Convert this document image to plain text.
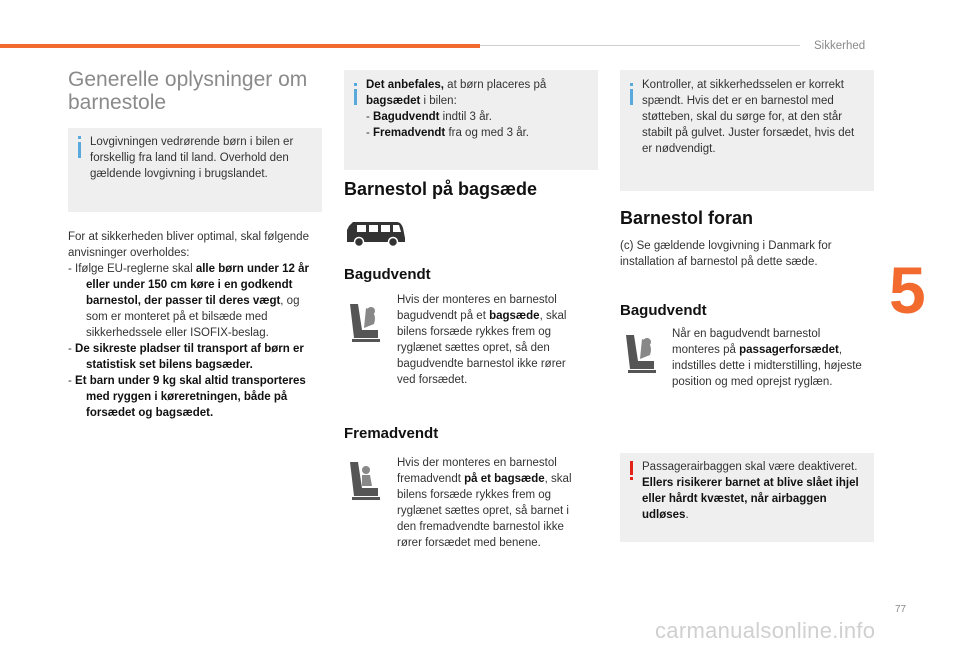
Sikkerhed
5
77
carmanualsonline.info
Generelle oplysninger om barnestole
Lovgivningen vedrørende børn i bilen er forskellig fra land til land. Overhold den gældende lovgivning i brugslandet.
For at sikkerheden bliver optimal, skal følgende anvisninger overholdes:
- Ifølge EU-reglerne skal alle børn under 12 år eller under 150 cm køre i en godkendt barnestol, der passer til deres vægt, og som er monteret på et bilsæde med sikkerhedssele eller ISOFIX-beslag.
- De sikreste pladser til transport af børn er statistisk set bilens bagsæder.
- Et barn under 9 kg skal altid transporteres med ryggen i køreretningen, både på forsædet og bagsædet.
Det anbefales, at børn placeres på bagsædet i bilen:
- Bagudvendt indtil 3 år.
- Fremadvendt fra og med 3 år.
Barnestol på bagsæde
Bagudvendt
Hvis der monteres en barnestol bagudvendt på et bagsæde, skal bilens forsæde rykkes frem og ryglænet sættes opret, så den bagudvendte barnestol ikke rører ved forsædet.
Fremadvendt
Hvis der monteres en barnestol fremadvendt på et bagsæde, skal bilens forsæde rykkes frem og ryglænet sættes opret, så barnet i den fremadvendte barnestol ikke rører forsædet med benene.
Kontroller, at sikkerhedsselen er korrekt spændt. Hvis det er en barnestol med støtteben, skal du sørge for, at den står stabilt på gulvet. Juster forsædet, hvis det er nødvendigt.
Barnestol foran
(c) Se gældende lovgivning i Danmark for installation af barnestol på dette sæde.
Bagudvendt
Når en bagudvendt barnestol monteres på passagerforsædet, indstilles dette i midterstilling, højeste position og med oprejst ryglæn.
Passagerairbaggen skal være deaktiveret. Ellers risikerer barnet at blive slået ihjel eller hårdt kvæstet, når airbaggen udløses.
